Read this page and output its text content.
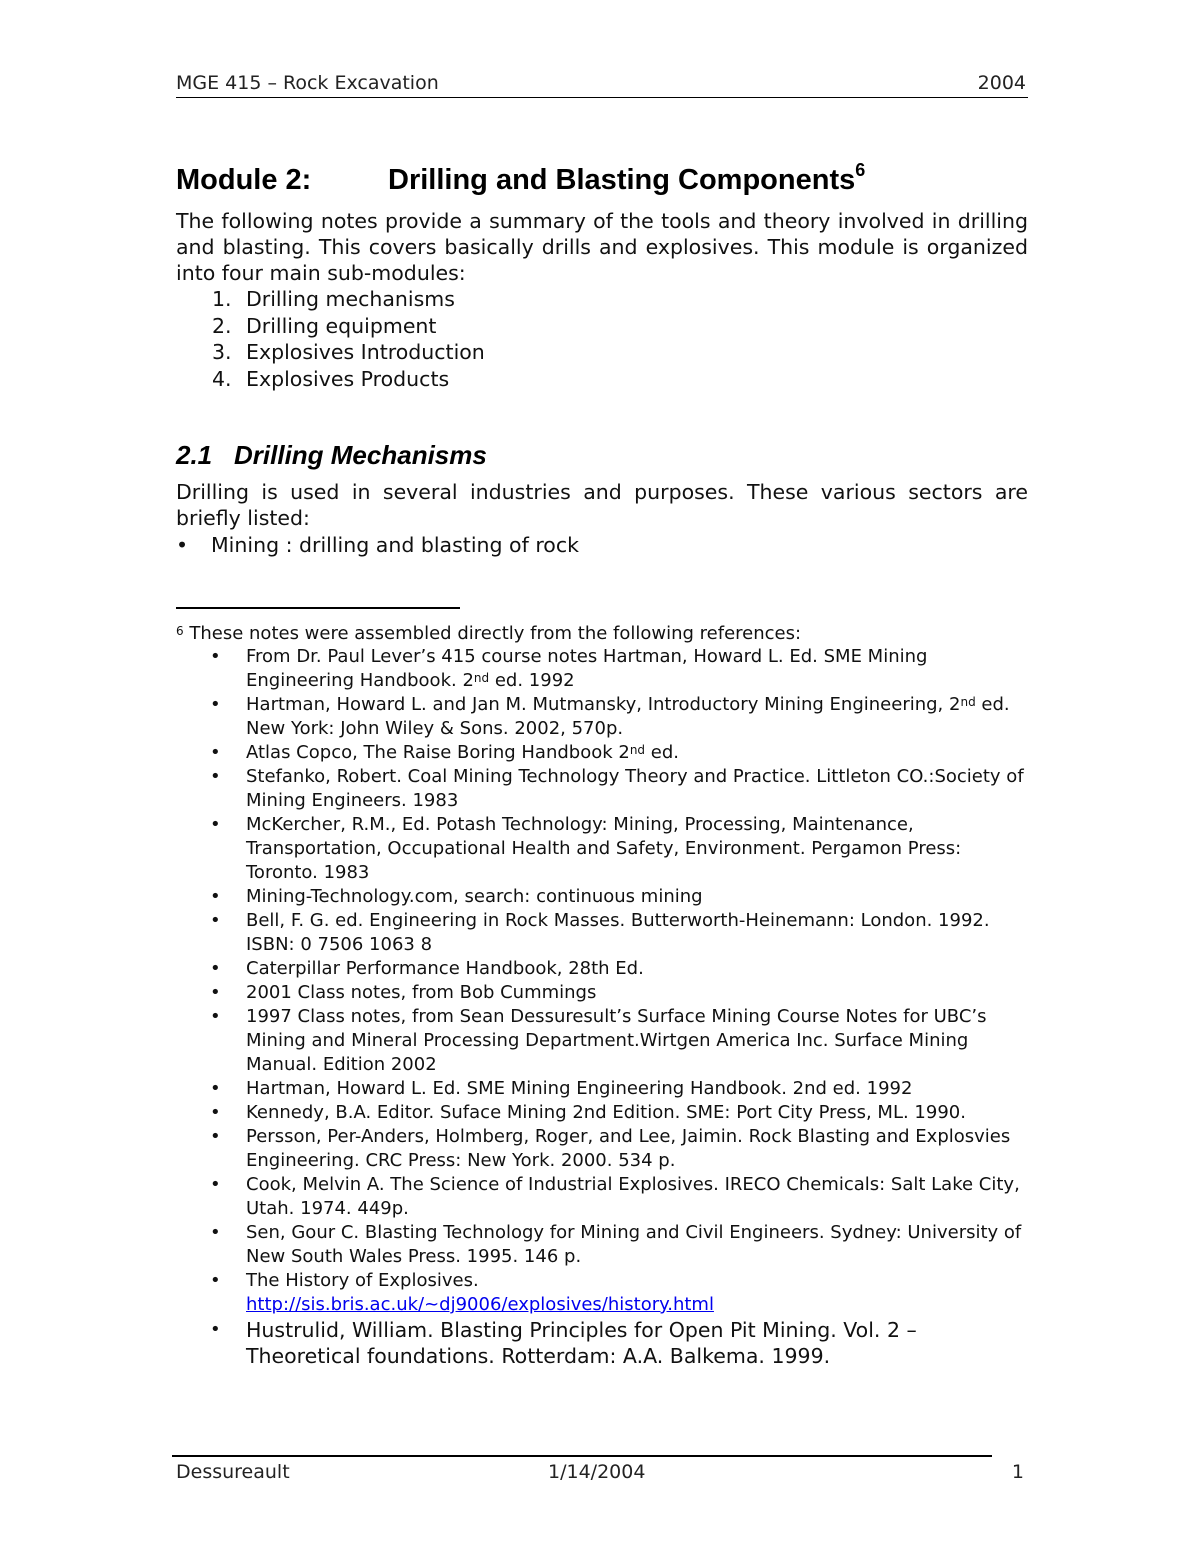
MGE 415 – Rock Excavation	2004
Module 2:	Drilling and Blasting Components$^6$
The following notes provide a summary of the tools and theory involved in drilling and blasting. This covers basically drills and explosives. This module is organized into four main sub-modules:
1. Drilling mechanisms
2. Drilling equipment
3. Explosives Introduction
4. Explosives Products
2.1 Drilling Mechanisms
Drilling is used in several industries and purposes. These various sectors are briefly listed:
• Mining : drilling and blasting of rock
$^6$ These notes were assembled directly from the following references:
• From Dr. Paul Lever’s 415 course notes Hartman, Howard L. Ed. SME Mining Engineering Handbook. 2nd ed. 1992
• Hartman, Howard L. and Jan M. Mutmansky, Introductory Mining Engineering, 2nd ed. New York: John Wiley & Sons. 2002, 570p.
• Atlas Copco, The Raise Boring Handbook 2nd ed.
• Stefanko, Robert. Coal Mining Technology Theory and Practice. Littleton CO.:Society of Mining Engineers. 1983
• McKercher, R.M., Ed. Potash Technology: Mining, Processing, Maintenance, Transportation, Occupational Health and Safety, Environment. Pergamon Press: Toronto. 1983
• Mining-Technology.com, search: continuous mining
• Bell, F. G. ed. Engineering in Rock Masses. Butterworth-Heinemann: London. 1992. ISBN: 0 7506 1063 8
• Caterpillar Performance Handbook, 28th Ed.
• 2001 Class notes, from Bob Cummings
• 1997 Class notes, from Sean Dessuresult’s Surface Mining Course Notes for UBC’s Mining and Mineral Processing Department.Wirtgen America Inc. Surface Mining Manual. Edition 2002
• Hartman, Howard L. Ed. SME Mining Engineering Handbook. 2nd ed. 1992
• Kennedy, B.A. Editor. Suface Mining 2nd Edition. SME: Port City Press, ML. 1990.
• Persson, Per-Anders, Holmberg, Roger, and Lee, Jaimin. Rock Blasting and Explosvies Engineering. CRC Press: New York. 2000. 534 p.
• Cook, Melvin A. The Science of Industrial Explosives. IRECO Chemicals: Salt Lake City, Utah. 1974. 449p.
• Sen, Gour C. Blasting Technology for Mining and Civil Engineers. Sydney: University of New South Wales Press. 1995. 146 p.
• The History of Explosives.
http://sis.bris.ac.uk/~dj9006/explosives/history.html
• Hustrulid, William. Blasting Principles for Open Pit Mining. Vol. 2 – Theoretical foundations. Rotterdam: A.A. Balkema. 1999.
Dessureault	1/14/2004	1
